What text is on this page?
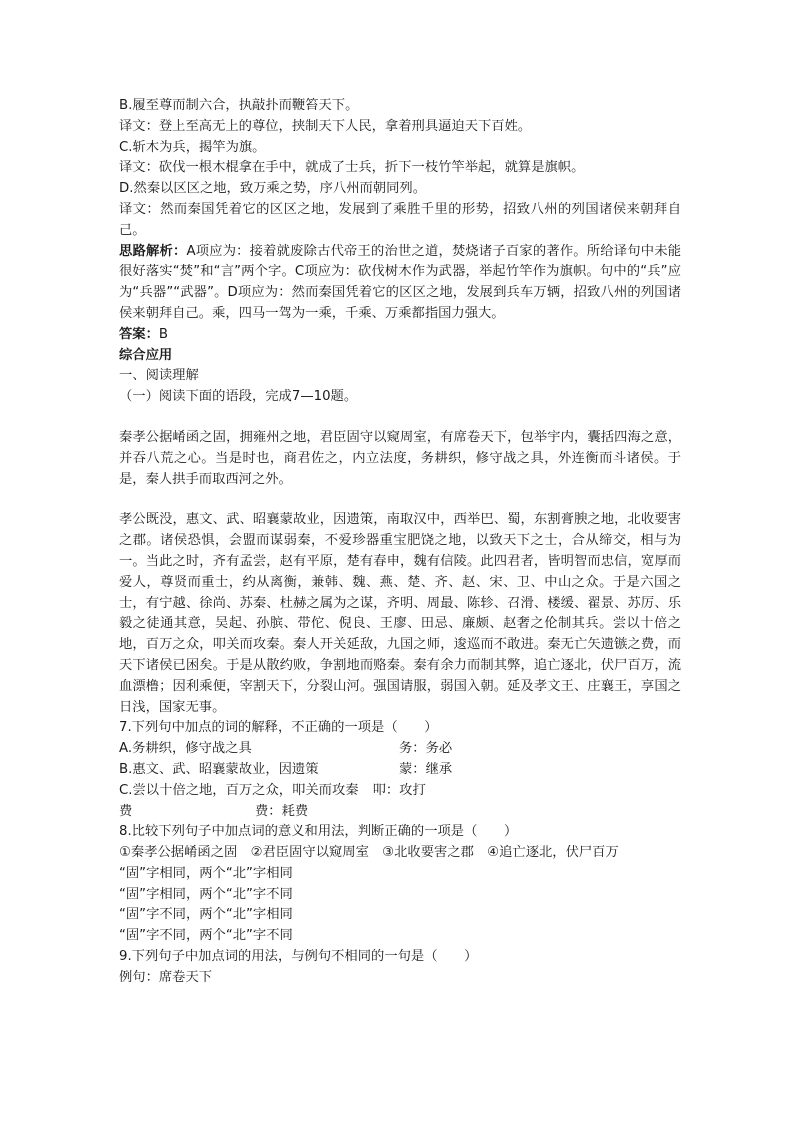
B.履至尊而制六合，执敲扑而鞭笞天下。
译文：登上至高无上的尊位，挟制天下人民，拿着刑具逼迫天下百姓。
C.斩木为兵，揭竿为旗。
译文：砍伐一根木棍拿在手中，就成了士兵，折下一枝竹竿举起，就算是旗帜。
D.然秦以区区之地，致万乘之势，序八州而朝同列。
译文：然而秦国凭着它的区区之地，发展到了乘胜千里的形势，招致八州的列国诸侯来朝拜自己。
思路解析：A项应为：接着就废除古代帝王的治世之道，焚烧诸子百家的著作。所给译句中未能很好落实“焚”和“言”两个字。C项应为：砍伐树木作为武器，举起竹竿作为旗帜。句中的“兵”应为“兵器”“武器”。D项应为：然而秦国凭着它的区区之地，发展到兵车万辆，招致八州的列国诸侯来朝拜自己。乘，四马一驾为一乘，千乘、万乘都指国力强大。
答案：B
综合应用
一、阅读理解
（一）阅读下面的语段，完成7—10题。
秦孝公据崤函之固，拥雍州之地，君臣固守以窥周室，有席卷天下，包举宇内，囊括四海之意，并吞八荒之心。当是时也，商君佐之，内立法度，务耕织，修守战之具，外连衡而斗诸侯。于是，秦人拱手而取西河之外。
孝公既没，惠文、武、昭襄蒙故业，因遗策，南取汉中，西举巴、蜀，东割膏腴之地，北收要害之郡。诸侯恐惧，会盟而谋弱秦，不爱珍器重宝肥饶之地，以致天下之士，合从缔交，相与为一。当此之时，齐有孟尝，赵有平原，楚有春申，魏有信陵。此四君者，皆明智而忠信，宽厚而爱人，尊贤而重士，约从离衡，兼韩、魏、燕、楚、齐、赵、宋、卫、中山之众。于是六国之士，有宁越、徐尚、苏秦、杜赫之属为之谋，齐明、周最、陈轸、召滑、楼缓、翟景、苏厉、乐毅之徒通其意，吴起、孙膑、带佗、倪良、王廖、田忌、廉颇、赵奢之伦制其兵。尝以十倍之地，百万之众，叩关而攻秦。秦人开关延敌，九国之师，逡巡而不敢进。秦无亡矢遗镞之费，而天下诸侯已困矣。于是从散约败，争割地而赂秦。秦有余力而制其弊，追亡逐北，伏尸百万，流血漂橹；因利乘便，宰割天下，分裂山河。强国请服，弱国入朝。延及孝文王、庄襄王，享国之日浅，国家无事。
7.下列句中加点的词的解释，不正确的一项是（　　）
A.务耕织，修守战之具	务：务必
B.惠文、武、昭襄蒙故业，因遗策	蒙：继承
C.尝以十倍之地，百万之众，叩关而攻秦 叩：攻打
费	费：耗费
8.比较下列句子中加点词的意义和用法，判断正确的一项是（　　）
①秦孝公据崤函之固　②君臣固守以窥周室　③北收要害之郡　④追亡逐北，伏尸百万
“固”字相同，两个“北”字相同
“固”字相同，两个“北”字不同
“固”字不同，两个“北”字相同
“固”字不同，两个“北”字不同
9.下列句子中加点词的用法，与例句不相同的一句是（　　）
例句：席卷天下
